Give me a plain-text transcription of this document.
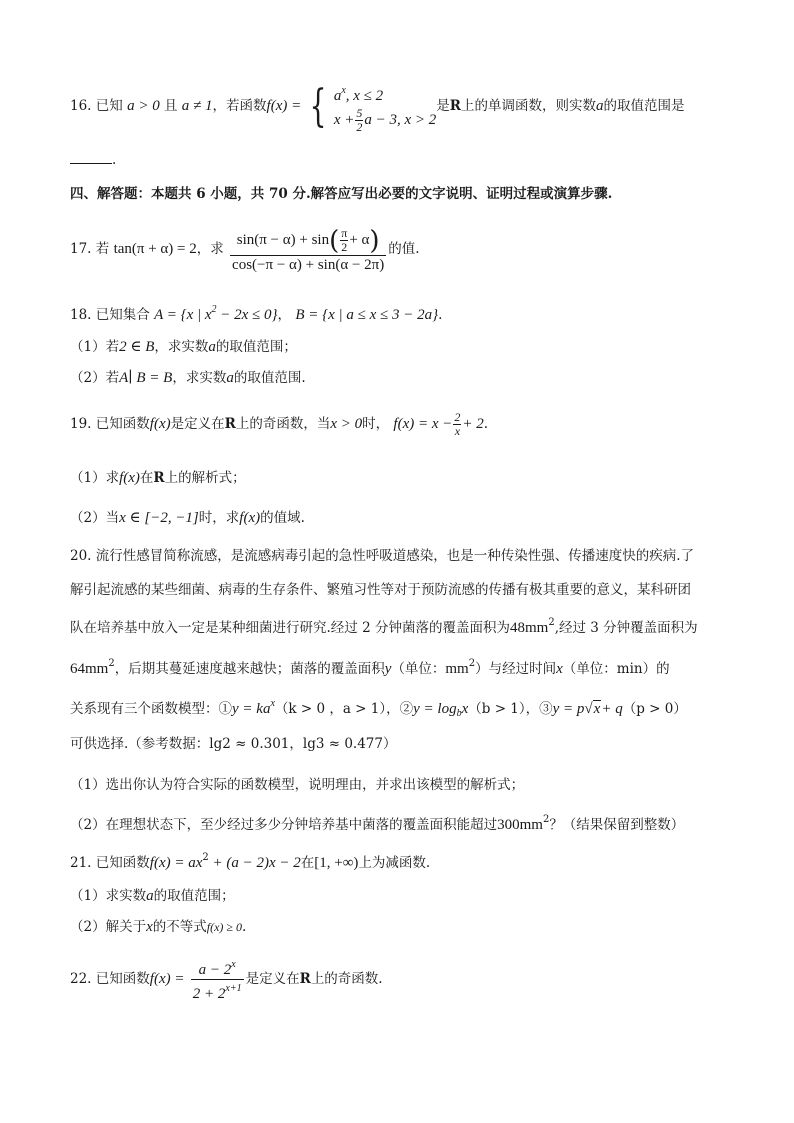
16. 已知 a > 0 且 a ≠ 1，若函数f(x) = { $a^x$, x ≤ 2
$x + \frac{5}{2}$ a − 3, x > 2
是R上的单调函数，则实数a的取值范围是
.
四、解答题：本题共 6 小题，共 70 分.解答应写出必要的文字说明、证明过程或演算步骤.
17. 若 tan(π + α) = 2，求 $\frac{\sin(\pi - \alpha) + \sin( \frac{\pi}{2} + \alpha)}{\cos(-\pi - \alpha) + \sin(\alpha - 2\pi)}$ 的值.
18. 已知集合 A = {x | $x^2 - 2x \le 0$}， B = {x | a ≤ x ≤ 3 − 2a}.
（1）若2 ∈ B，求实数a的取值范围；
（2）若A∣ B = B，求实数a的取值范围.
19. 已知函数f(x)是定义在R上的奇函数，当x > 0时， $f(x) = x - \frac{2}{x} + 2$.
（1）求f(x)在R上的解析式；
（2）当x ∈ [−2, −1]时，求f(x)的值域.
20. 流行性感冒简称流感，是流感病毒引起的急性呼吸道感染，也是一种传染性强、传播速度快的疾病.了
解引起流感的某些细菌、病毒的生存条件、繁殖习性等对于预防流感的传播有极其重要的意义，某科研团
队在培养基中放入一定是某种细菌进行研究.经过 2 分钟菌落的覆盖面积为$48mm^2$,经过 3 分钟覆盖面积为
$64mm^2$，后期其蔓延速度越来越快；菌落的覆盖面积y（单位：$mm^2$）与经过时间x（单位：min）的
关系现有三个函数模型：①y = $ka^x(k > 0$ ，a > 1），②y = $\log_bx(b > 1)$，③y = p√x+ q（p > 0）
可供选择.（参考数据：lg2 ≈ 0.301，lg3 ≈ 0.477）
（1）选出你认为符合实际的函数模型，说明理由，并求出该模型的解析式；
（2）在理想状态下，至少经过多少分钟培养基中菌落的覆盖面积能超过$300mm^2$？（结果保留到整数）
21. 已知函数$f(x) = ax^2 + (a - 2)x - 2$在[1, +∞)上为减函数.
（1）求实数a的取值范围；
（2）解关于x的不等式f(x) ≥ 0.
22. 已知函数$f(x) = \frac{a - 2^x}{2 + 2^{x+1}}$ 是定义在R上的奇函数.
